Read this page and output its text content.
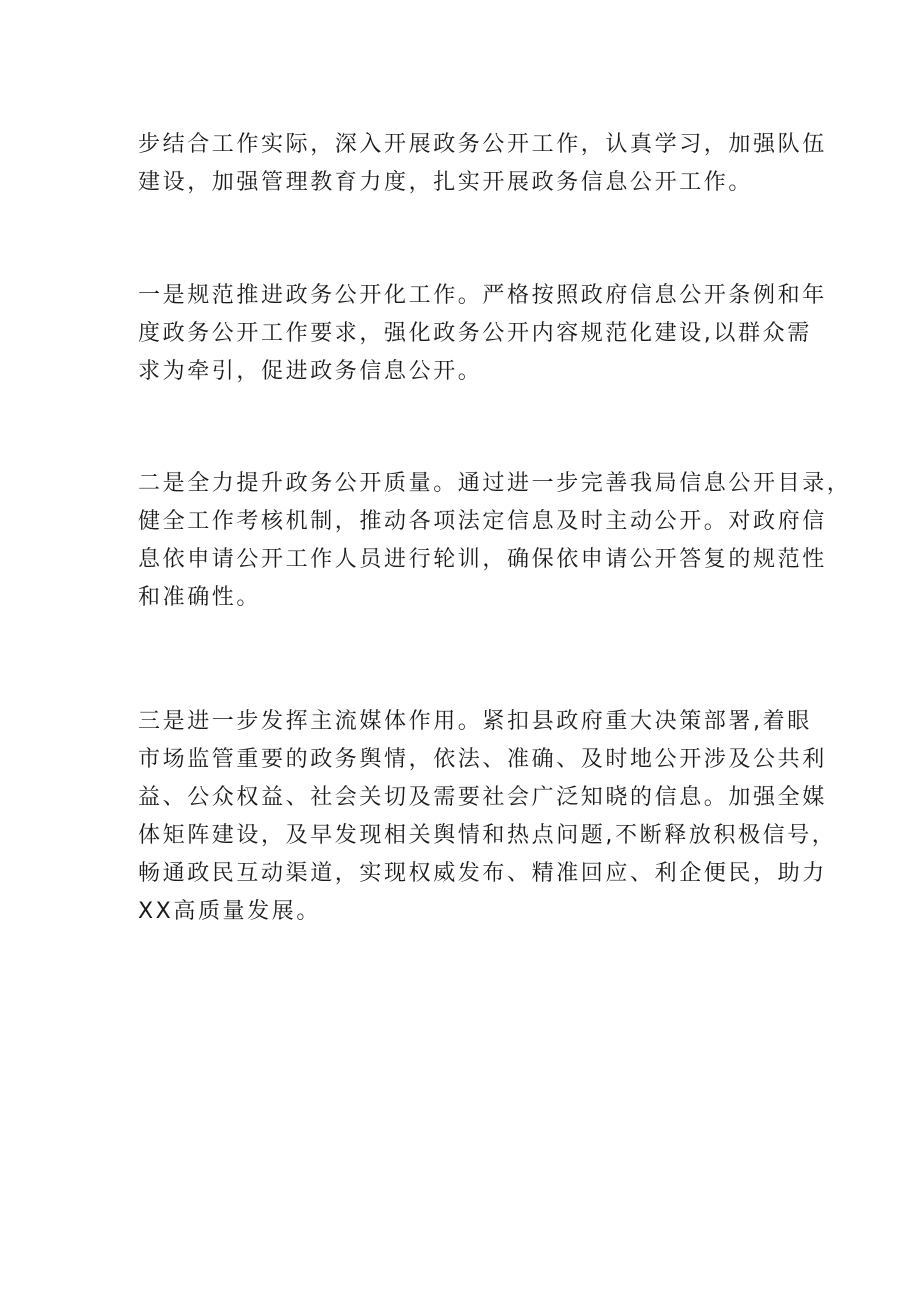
步结合工作实际，深入开展政务公开工作，认真学习，加强队伍
建设，加强管理教育力度，扎实开展政务信息公开工作。

一是规范推进政务公开化工作。严格按照政府信息公开条例和年
度政务公开工作要求，强化政务公开内容规范化建设,以群众需
求为牵引，促进政务信息公开。

二是全力提升政务公开质量。通过进一步完善我局信息公开目录，
健全工作考核机制，推动各项法定信息及时主动公开。对政府信
息依申请公开工作人员进行轮训，确保依申请公开答复的规范性
和准确性。

三是进一步发挥主流媒体作用。紧扣县政府重大决策部署,着眼
市场监管重要的政务舆情，依法、准确、及时地公开涉及公共利
益、公众权益、社会关切及需要社会广泛知晓的信息。加强全媒
体矩阵建设，及早发现相关舆情和热点问题,不断释放积极信号，
畅通政民互动渠道，实现权威发布、精准回应、利企便民，助力
XX高质量发展。
